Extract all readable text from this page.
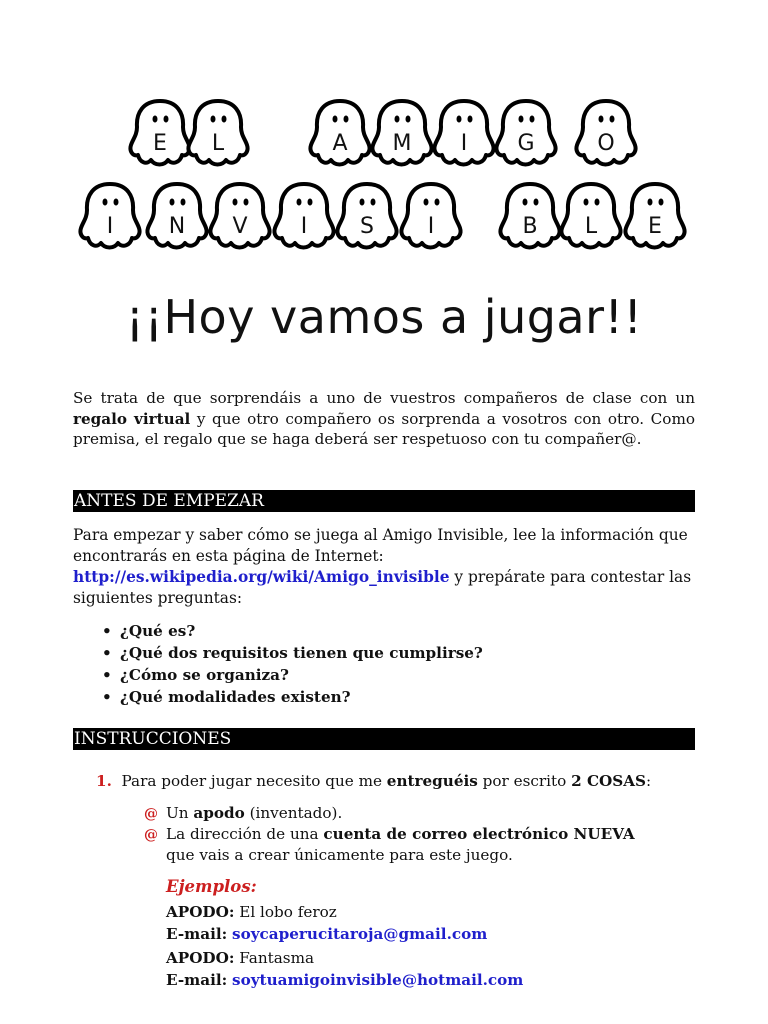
E	L	A	M	I	G	O
I	N	V	I	S	I	B	L	E
¡¡Hoy vamos a jugar!!
Se trata de que sorprendáis a uno de vuestros compañeros de clase con un regalo virtual y que otro compañero os sorprenda a vosotros con otro. Como premisa, el regalo que se haga deberá ser respetuoso con tu compañer@.
ANTES DE EMPEZAR
Para empezar y saber cómo se juega al Amigo Invisible, lee la información que encontrarás en esta página de Internet:
http://es.wikipedia.org/wiki/Amigo_invisible y prepárate para contestar las siguientes preguntas:
• ¿Qué es?
• ¿Qué dos requisitos tienen que cumplirse?
• ¿Cómo se organiza?
• ¿Qué modalidades existen?
INSTRUCCIONES
1. Para poder jugar necesito que me entreguéis por escrito 2 COSAS:
@ Un apodo (inventado).
@ La dirección de una cuenta de correo electrónico NUEVA
que vais a crear únicamente para este juego.
Ejemplos:
APODO: El lobo feroz
E-mail: soycaperucitaroja@gmail.com
APODO: Fantasma
E-mail: soytuamigoinvisible@hotmail.com
